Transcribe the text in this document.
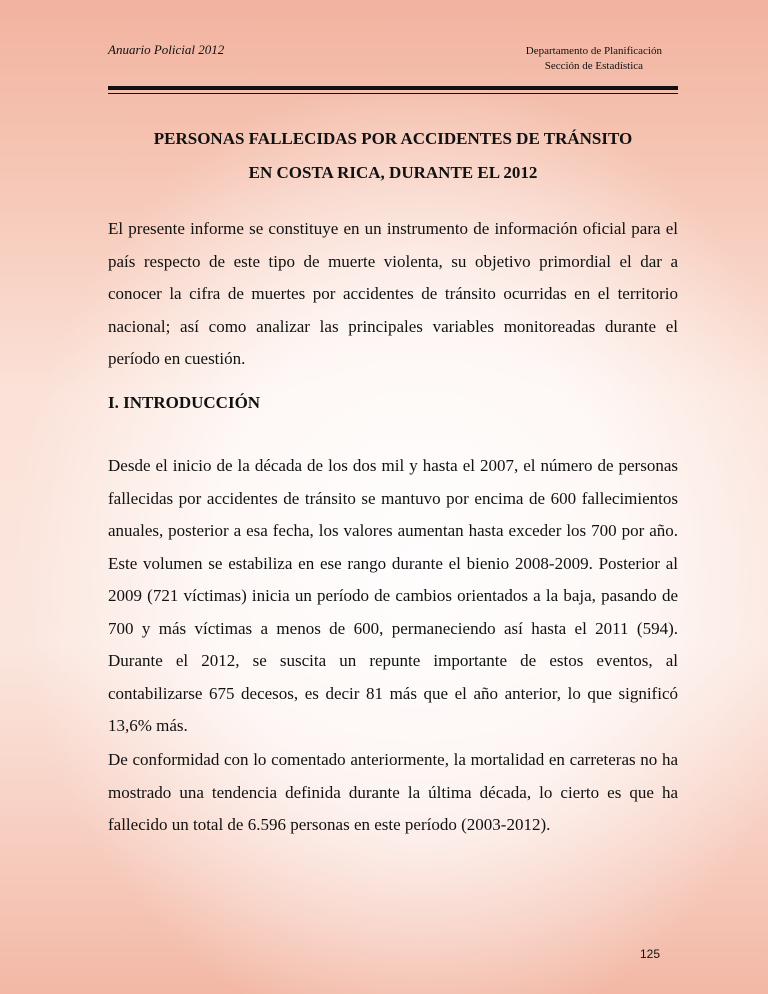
Anuario Policial 2012	Departamento de Planificación
Sección de Estadística
PERSONAS FALLECIDAS POR ACCIDENTES DE TRÁNSITO
EN COSTA RICA, DURANTE EL 2012

El presente informe se constituye en un instrumento de información oficial para el país respecto de este tipo de muerte violenta, su objetivo primordial el dar a conocer la cifra de muertes por accidentes de tránsito ocurridas en el territorio nacional; así como analizar las principales variables monitoreadas durante el período en cuestión.

I. INTRODUCCIÓN

Desde el inicio de la década de los dos mil y hasta el 2007, el número de personas fallecidas por accidentes de tránsito se mantuvo por encima de 600 fallecimientos anuales, posterior a esa fecha, los valores aumentan hasta exceder los 700 por año. Este volumen se estabiliza en ese rango durante el bienio 2008-2009. Posterior al 2009 (721 víctimas) inicia un período de cambios orientados a la baja, pasando de 700 y más víctimas a menos de 600, permaneciendo así hasta el 2011 (594). Durante el 2012, se suscita un repunte importante de estos eventos, al contabilizarse 675 decesos, es decir 81 más que el año anterior, lo que significó 13,6% más.

De conformidad con lo comentado anteriormente, la mortalidad en carreteras no ha mostrado una tendencia definida durante la última década, lo cierto es que ha fallecido un total de 6.596 personas en este período (2003-2012).

125
